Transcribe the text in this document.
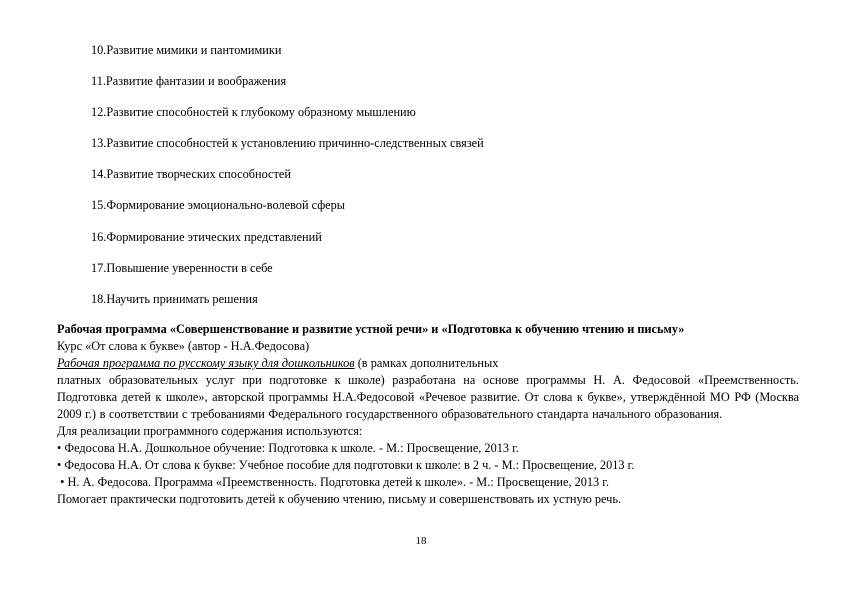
10.Развитие мимики и пантомимики
11.Развитие фантазии и воображения
12.Развитие способностей к глубокому образному мышлению
13.Развитие способностей к установлению причинно-следственных связей
14.Развитие творческих способностей
15.Формирование эмоционально-волевой сферы
16.Формирование этических представлений
17.Повышение уверенности в себе
18.Научить принимать решения
Рабочая программа «Совершенствование и развитие устной речи» и «Подготовка к обучению чтению и письму»
Курс «От слова к букве» (автор - Н.А.Федосова)
Рабочая программа по русскому языку для дошкольников (в рамках дополнительных
платных образовательных услуг при подготовке к школе) разработана на основе программы Н. А. Федосовой «Преемственность. Подготовка детей к школе», авторской программы Н.А.Федосовой «Речевое развитие. От слова к букве», утверждённой МО РФ (Москва 2009 г.) в соответствии с требованиями Федерального государственного образовательного стандарта начального образования.
Для реализации программного содержания используются:
• Федосова Н.А. Дошкольное обучение: Подготовка к школе. - М.: Просвещение, 2013 г.
• Федосова Н.А. От слова к букве: Учебное пособие для подготовки к школе: в 2 ч. - М.: Просвещение, 2013 г.
• Н. А. Федосова. Программа «Преемственность. Подготовка детей к школе». - М.: Просвещение, 2013 г.
Помогает практически подготовить детей к обучению чтению, письму и совершенствовать их устную речь.
18
